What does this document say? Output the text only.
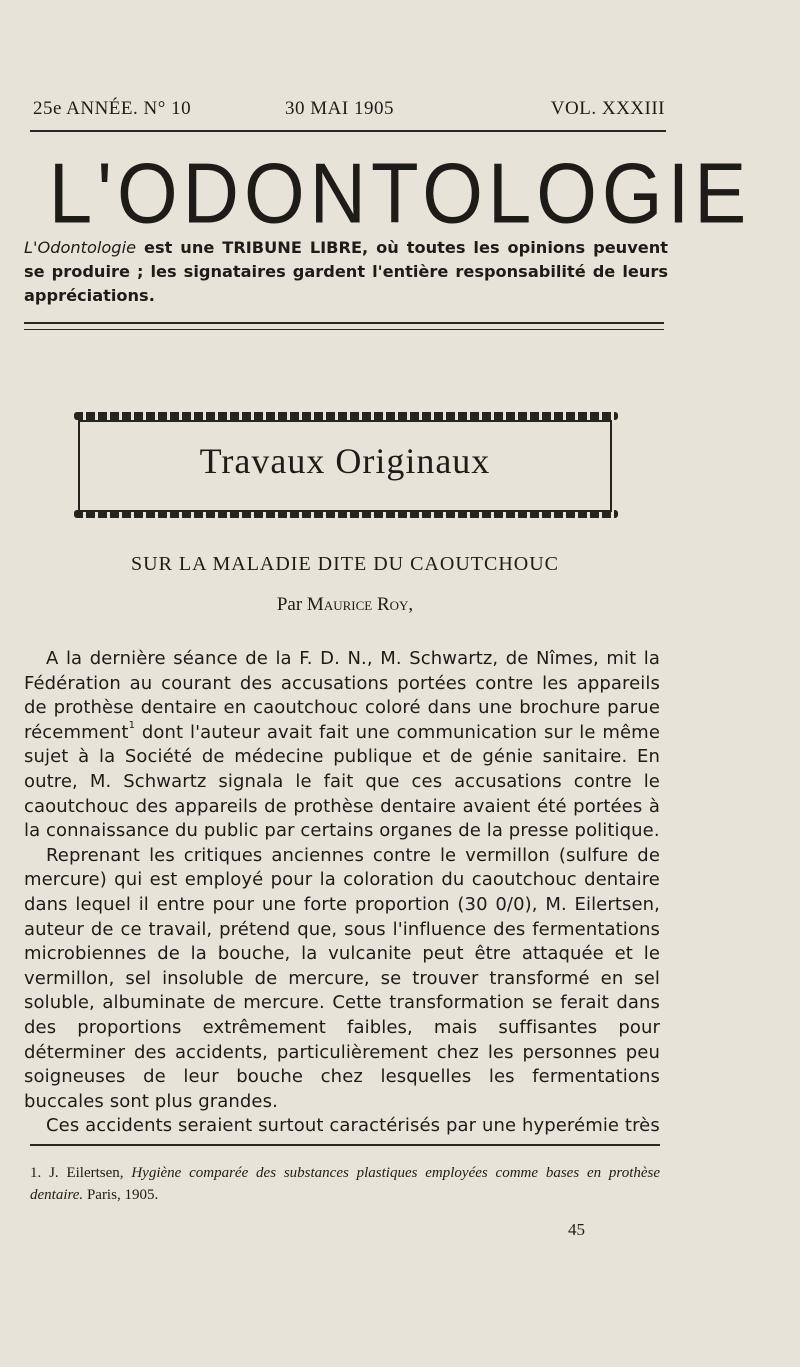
25e ANNÉE. N° 10	30 MAI 1905	VOL. XXXIII
L'ODONTOLOGIE
L'Odontologie est une TRIBUNE LIBRE, où toutes les opinions peuvent se produire ; les signataires gardent l'entière responsabilité de leurs appréciations.
Travaux Originaux
SUR LA MALADIE DITE DU CAOUTCHOUC
Par Maurice Roy,

A la dernière séance de la F. D. N., M. Schwartz, de Nîmes, mit la Fédération au courant des accusations portées contre les appareils de prothèse dentaire en caoutchouc coloré dans une brochure parue récemment$^1$ dont l'auteur avait fait une communication sur le même sujet à la Société de médecine publique et de génie sanitaire. En outre, M. Schwartz signala le fait que ces accusations contre le caoutchouc des appareils de prothèse dentaire avaient été portées à la connaissance du public par certains organes de la presse politique.

Reprenant les critiques anciennes contre le vermillon (sulfure de mercure) qui est employé pour la coloration du caoutchouc dentaire dans lequel il entre pour une forte proportion (30 0/0), M. Eilertsen, auteur de ce travail, prétend que, sous l'influence des fermentations microbiennes de la bouche, la vulcanite peut être attaquée et le vermillon, sel insoluble de mercure, se trouver transformé en sel soluble, albuminate de mercure. Cette transformation se ferait dans des proportions extrêmement faibles, mais suffisantes pour déterminer des accidents, particulièrement chez les personnes peu soigneuses de leur bouche chez lesquelles les fermentations buccales sont plus grandes.

Ces accidents seraient surtout caractérisés par une hyperémie très

1. J. Eilertsen, Hygiène comparée des substances plastiques employées comme bases en prothèse dentaire. Paris, 1905.
45
